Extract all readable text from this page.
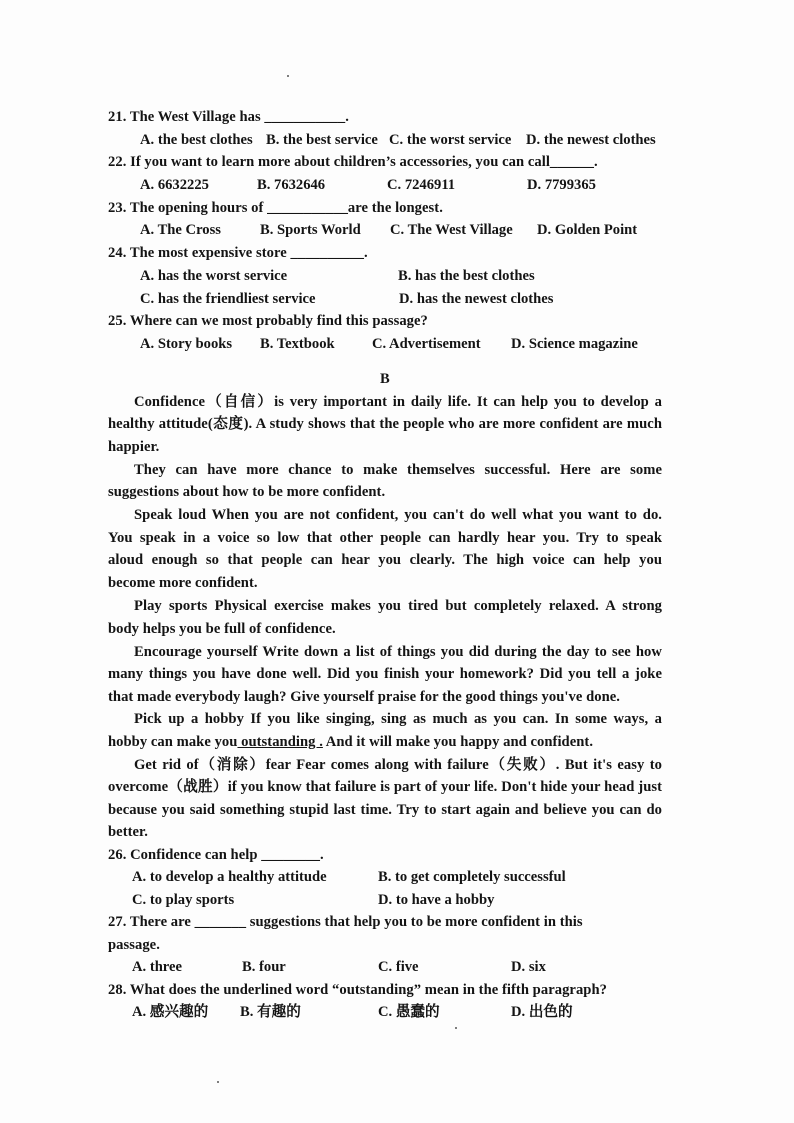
21. The West Village has ___________.
A. the best clothes B. the best service C. the worst service D. the newest clothes
22. If you want to learn more about children’s accessories, you can call______.
A. 6632225	B. 7632646	C. 7246911	D. 7799365
23. The opening hours of ___________are the longest.
A. The Cross	B. Sports World C. The West Village D. Golden Point
24. The most expensive store __________.
A. has the worst service	B. has the best clothes
C. has the friendliest service	D. has the newest clothes
25. Where can we most probably find this passage?
A. Story books B. Textbook	C. Advertisement D. Science magazine
B
Confidence（自信）is very important in daily life. It can help you to develop a
healthy attitude(态度). A study shows that the people who are more confident are much
happier.
They can have more chance to make themselves successful. Here are some
suggestions about how to be more confident.
Speak loud When you are not confident, you can't do well what you want to do.
You speak in a voice so low that other people can hardly hear you. Try to speak
aloud enough so that people can hear you clearly. The high voice can help you
become more confident.
Play sports Physical exercise makes you tired but completely relaxed. A strong
body helps you be full of confidence.
Encourage yourself Write down a list of things you did during the day to see how
many things you have done well. Did you finish your homework? Did you tell a joke
that made everybody laugh? Give yourself praise for the good things you've done.
Pick up a hobby If you like singing, sing as much as you can. In some ways, a
hobby can make you outstanding . And it will make you happy and confident.
Get rid of（消除）fear Fear comes along with failure（失败）. But it's easy to
overcome（战胜）if you know that failure is part of your life. Don't hide your head just
because you said something stupid last time. Try to start again and believe you can do
better.
26. Confidence can help ________.
A. to develop a healthy attitude	B. to get completely successful
C. to play sports	D. to have a hobby
27. There are _______ suggestions that help you to be more confident in this
passage.
A. three	B. four	C. five	D. six
28. What does the underlined word “outstanding” mean in the fifth paragraph?
A. 感兴趣的 B. 有趣的	C. 愚蠢的	D. 出色的
